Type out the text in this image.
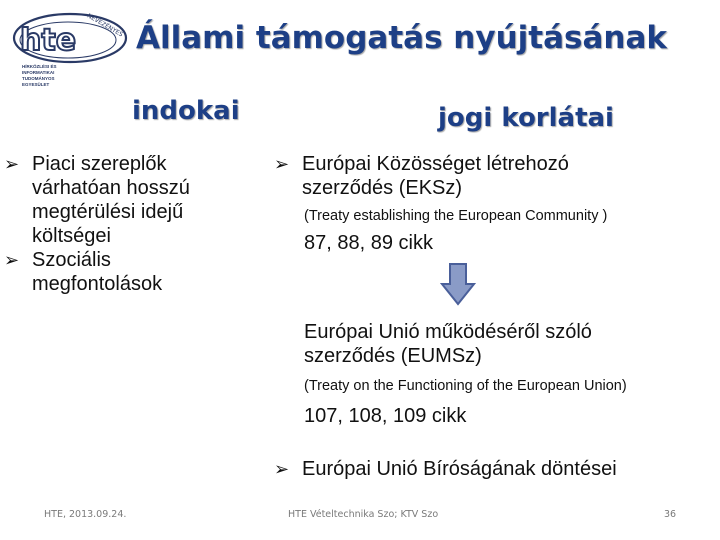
hte NEVEZÉNYES
HÍRKÖZLÉSI ÉS
INFORMATIKAI
TUDOMÁNYOS
EGYESÜLET
Állami támogatás nyújtásának
indokai	jogi korlátai
➢ Piaci szereplők várhatóan hosszú megtérülési idejű költségei
➢ Szociális megfontolások
➢ Európai Közösséget létrehozó szerződés (EKSz)
(Treaty establishing the European Community )
87, 88, 89 cikk
Európai Unió működéséről szóló szerződés (EUMSz)
(Treaty on the Functioning of the European Union)
107, 108, 109 cikk
➢ Európai Unió Bíróságának döntései
HTE, 2013.09.24.	HTE Vételtechnika Szo; KTV Szo	36
